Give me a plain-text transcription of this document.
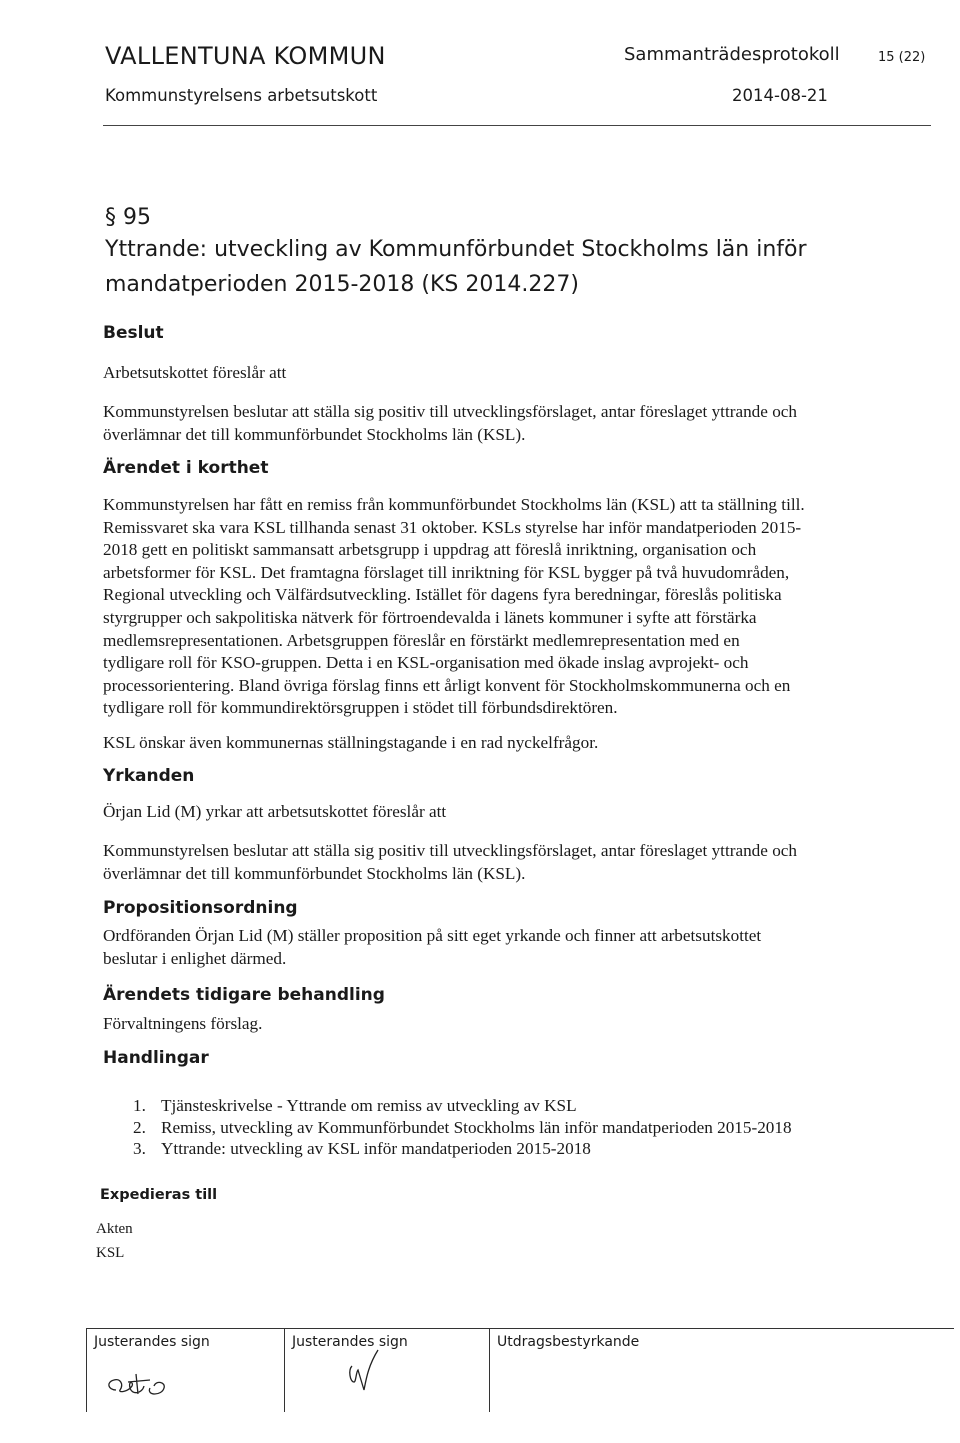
VALLENTUNA KOMMUN	Sammanträdesprotokoll	15 (22)
Kommunstyrelsens arbetsutskott	2014-08-21
§ 95
Yttrande: utveckling av Kommunförbundet Stockholms län inför
mandatperioden 2015-2018 (KS 2014.227)
Beslut
Arbetsutskottet föreslår att
Kommunstyrelsen beslutar att ställa sig positiv till utvecklingsförslaget, antar föreslaget yttrande och
överlämnar det till kommunförbundet Stockholms län (KSL).
Ärendet i korthet
Kommunstyrelsen har fått en remiss från kommunförbundet Stockholms län (KSL) att ta ställning till.
Remissvaret ska vara KSL tillhanda senast 31 oktober. KSLs styrelse har inför mandatperioden 2015-
2018 gett en politiskt sammansatt arbetsgrupp i uppdrag att föreslå inriktning, organisation och
arbetsformer för KSL. Det framtagna förslaget till inriktning för KSL bygger på två huvudområden,
Regional utveckling och Välfärdsutveckling. Istället för dagens fyra beredningar, föreslås politiska
styrgrupper och sakpolitiska nätverk för förtroendevalda i länets kommuner i syfte att förstärka
medlemsrepresentationen. Arbetsgruppen föreslår en förstärkt medlemrepresentation med en
tydligare roll för KSO-gruppen. Detta i en KSL-organisation med ökade inslag avprojekt- och
processorientering. Bland övriga förslag finns ett årligt konvent för Stockholmskommunerna och en
tydligare roll för kommundirektörsgruppen i stödet till förbundsdirektören.
KSL önskar även kommunernas ställningstagande i en rad nyckelfrågor.
Yrkanden
Örjan Lid (M) yrkar att arbetsutskottet föreslår att
Kommunstyrelsen beslutar att ställa sig positiv till utvecklingsförslaget, antar föreslaget yttrande och
överlämnar det till kommunförbundet Stockholms län (KSL).
Propositionsordning
Ordföranden Örjan Lid (M) ställer proposition på sitt eget yrkande och finner att arbetsutskottet
beslutar i enlighet därmed.
Ärendets tidigare behandling
Förvaltningens förslag.
Handlingar
1. Tjänsteskrivelse - Yttrande om remiss av utveckling av KSL
2. Remiss, utveckling av Kommunförbundet Stockholms län inför mandatperioden 2015-2018
3. Yttrande: utveckling av KSL inför mandatperioden 2015-2018
Expedieras till
Akten
KSL
Justerandes sign	Justerandes sign	Utdragsbestyrkande
